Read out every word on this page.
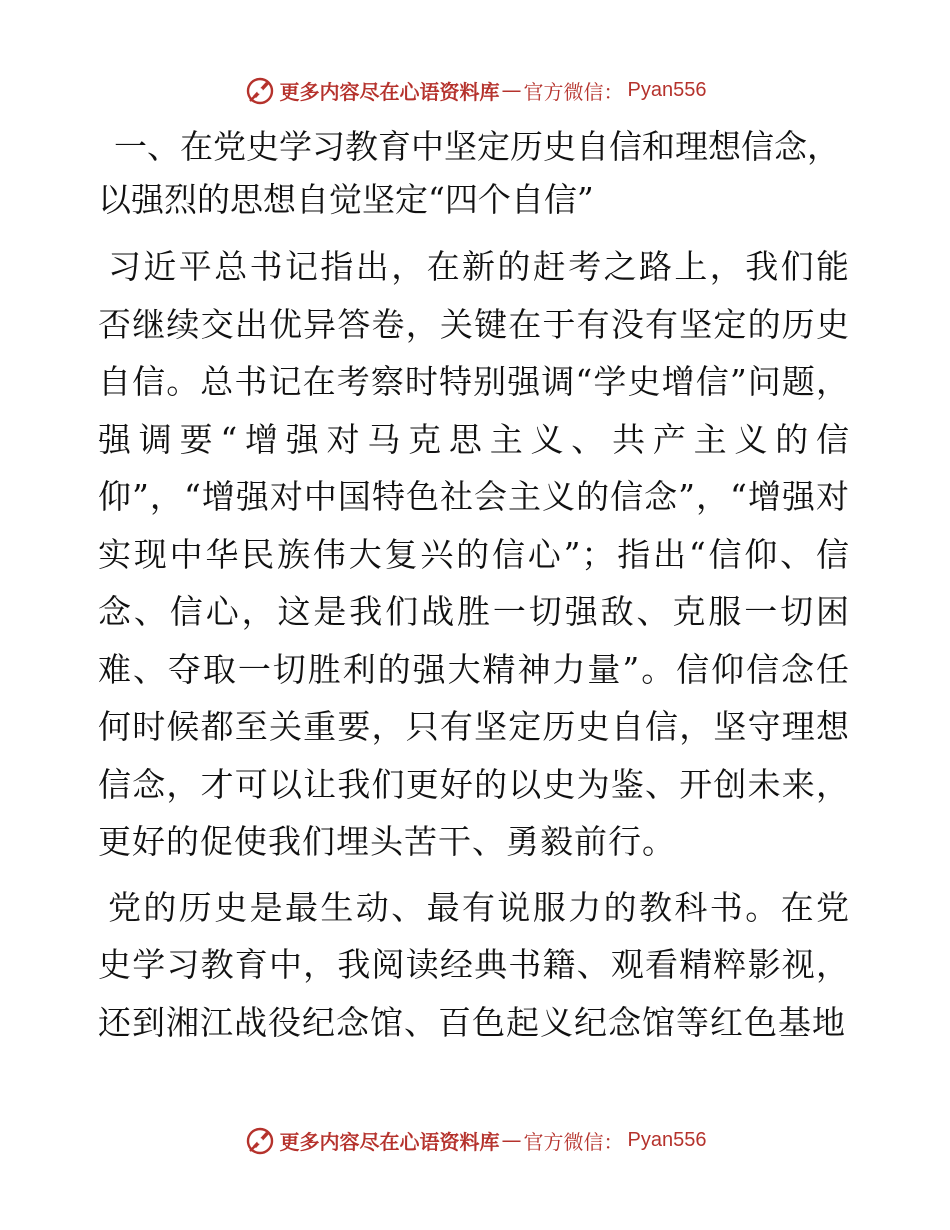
更多内容尽在心语资料库 — 官方微信： Pyan556
一、在党史学习教育中坚定历史自信和理想信念，以强烈的思想自觉坚定“四个自信”

习近平总书记指出，在新的赶考之路上，我们能否继续交出优异答卷，关键在于有没有坚定的历史自信。总书记在考察时特别强调“学史增信”问题，强调要“增强对马克思主义、共产主义的信仰”，“增强对中国特色社会主义的信念”，“增强对实现中华民族伟大复兴的信心”；指出“信仰、信念、信心，这是我们战胜一切强敌、克服一切困难、夺取一切胜利的强大精神力量”。信仰信念任何时候都至关重要，只有坚定历史自信，坚守理想信念，才可以让我们更好的以史为鉴、开创未来，更好的促使我们埋头苦干、勇毅前行。

党的历史是最生动、最有说服力的教科书。在党史学习教育中，我阅读经典书籍、观看精粹影视，还到湘江战役纪念馆、百色起义纪念馆等红色基地

更多内容尽在心语资料库 — 官方微信： Pyan556
